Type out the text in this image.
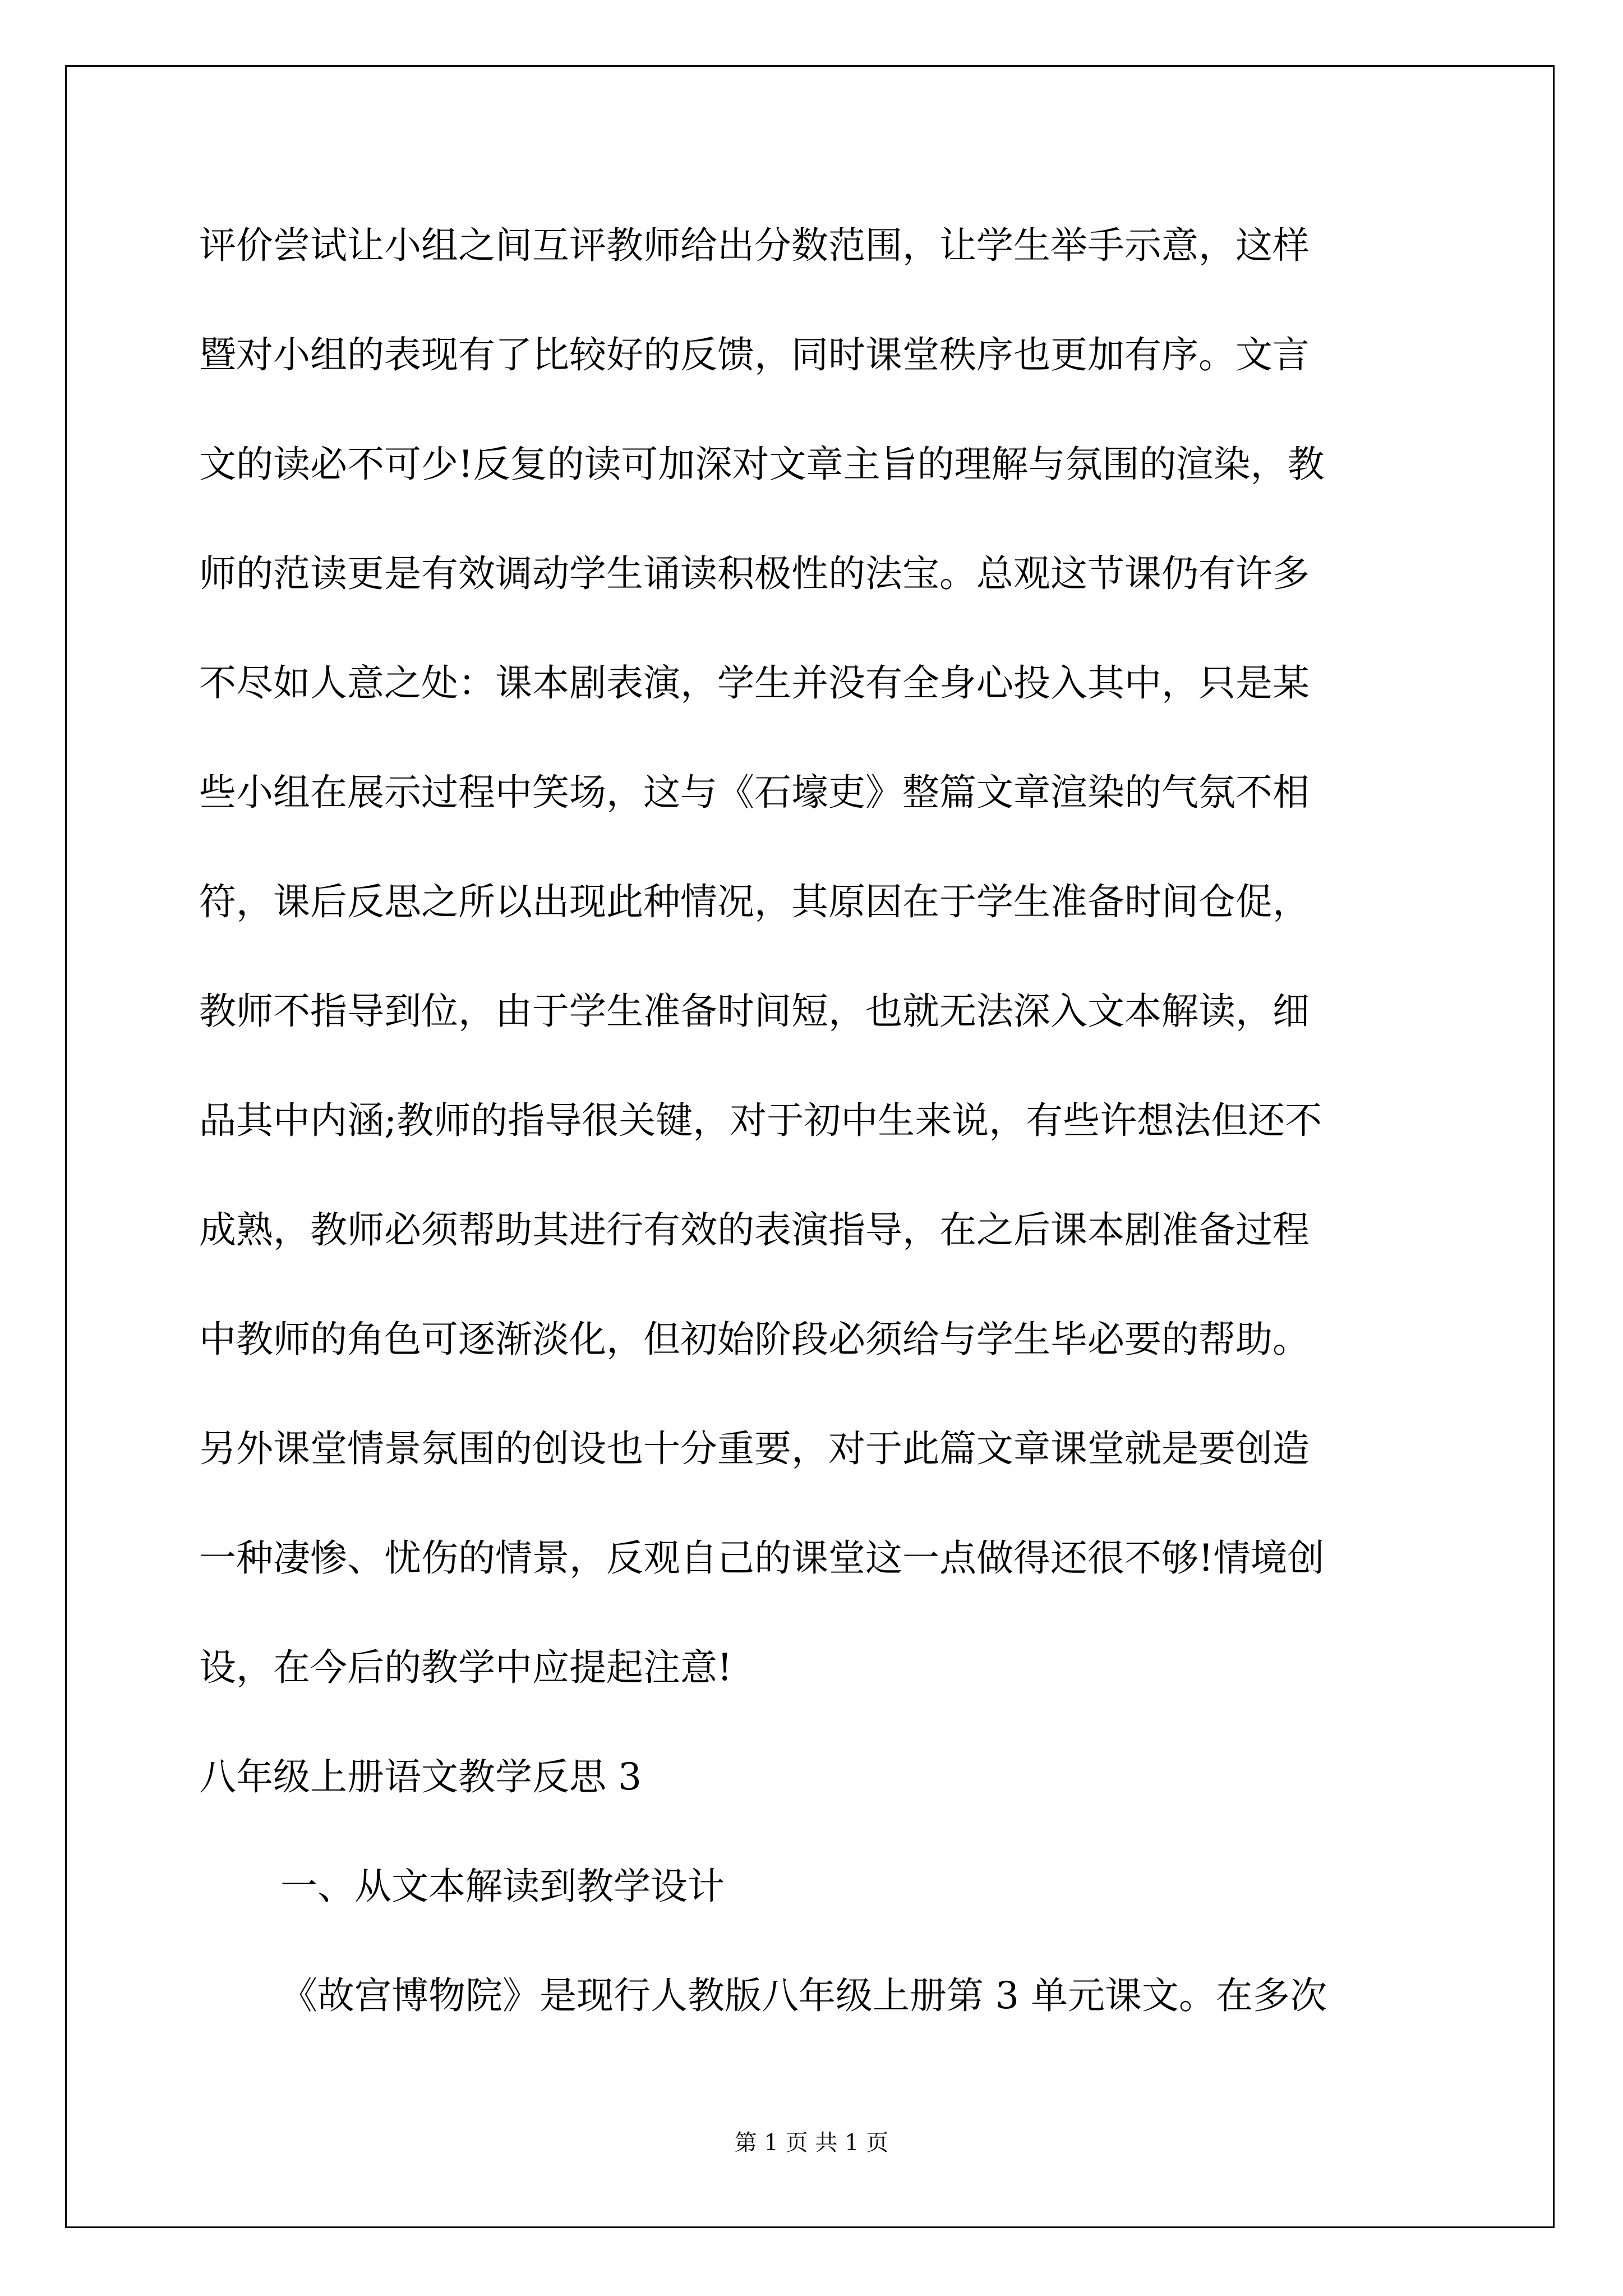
评价尝试让小组之间互评教师给出分数范围，让学生举手示意，这样
暨对小组的表现有了比较好的反馈，同时课堂秩序也更加有序。文言
文的读必不可少!反复的读可加深对文章主旨的理解与氛围的渲染，教
师的范读更是有效调动学生诵读积极性的法宝。总观这节课仍有许多
不尽如人意之处：课本剧表演，学生并没有全身心投入其中，只是某
些小组在展示过程中笑场，这与《石壕吏》整篇文章渲染的气氛不相
符，课后反思之所以出现此种情况，其原因在于学生准备时间仓促，
教师不指导到位，由于学生准备时间短，也就无法深入文本解读，细
品其中内涵;教师的指导很关键，对于初中生来说，有些许想法但还不
成熟，教师必须帮助其进行有效的表演指导，在之后课本剧准备过程
中教师的角色可逐渐淡化，但初始阶段必须给与学生毕必要的帮助。
另外课堂情景氛围的创设也十分重要，对于此篇文章课堂就是要创造
一种凄惨、忧伤的情景，反观自己的课堂这一点做得还很不够!情境创
设，在今后的教学中应提起注意!
八年级上册语文教学反思 3
一、从文本解读到教学设计
《故宫博物院》是现行人教版八年级上册第 3 单元课文。在多次
第 1 页 共 1 页
